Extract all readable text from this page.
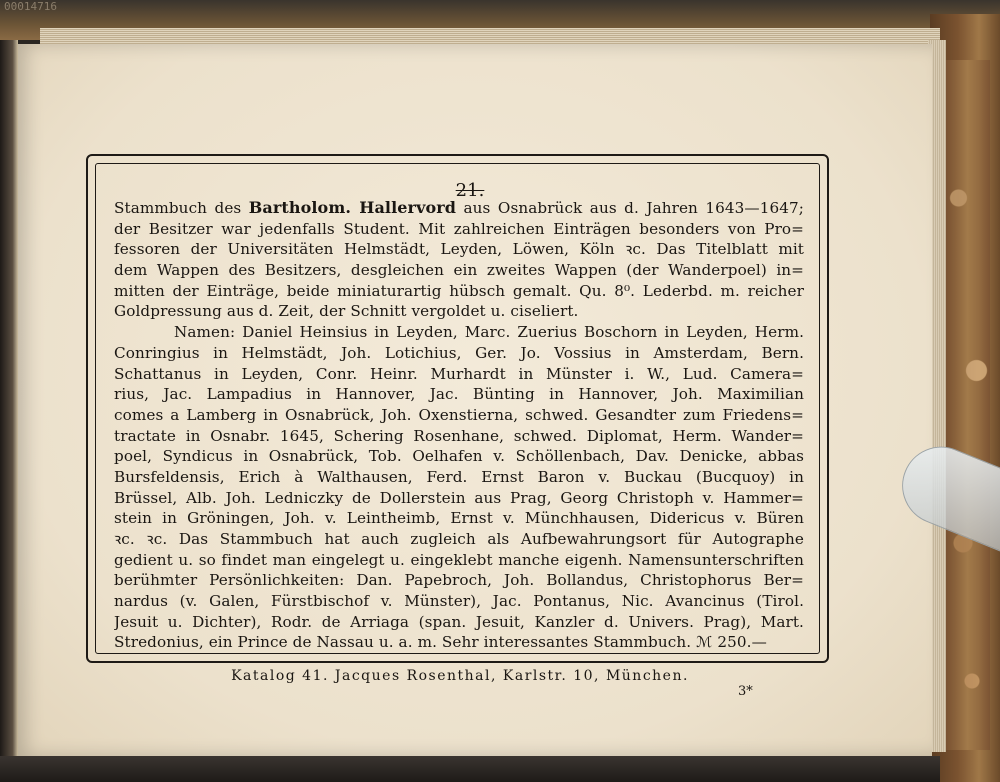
00014716
21.
Stammbuch des Bartholom. Hallervord aus Osnabrück aus d. Jahren 1643—1647;
der Besitzer war jedenfalls Student. Mit zahlreichen Einträgen besonders von Pro=
fessoren der Universitäten Helmstädt, Leyden, Löwen, Köln ꝛc. Das Titelblatt mit
dem Wappen des Besitzers, desgleichen ein zweites Wappen (der Wanderpoel) in=
mitten der Einträge, beide miniaturartig hübsch gemalt. Qu. 8⁰. Lederbd. m. reicher
Goldpressung aus d. Zeit, der Schnitt vergoldet u. ciseliert.
Namen: Daniel Heinsius in Leyden, Marc. Zuerius Boschorn in Leyden, Herm.
Conringius in Helmstädt, Joh. Lotichius, Ger. Jo. Vossius in Amsterdam, Bern.
Schattanus in Leyden, Conr. Heinr. Murhardt in Münster i. W., Lud. Camera=
rius, Jac. Lampadius in Hannover, Jac. Bünting in Hannover, Joh. Maximilian
comes a Lamberg in Osnabrück, Joh. Oxenstierna, schwed. Gesandter zum Friedens=
tractate in Osnabr. 1645, Schering Rosenhane, schwed. Diplomat, Herm. Wander=
poel, Syndicus in Osnabrück, Tob. Oelhafen v. Schöllenbach, Dav. Denicke, abbas
Bursfeldensis, Erich à Walthausen, Ferd. Ernst Baron v. Buckau (Bucquoy) in
Brüssel, Alb. Joh. Ledniczky de Dollerstein aus Prag, Georg Christoph v. Hammer=
stein in Gröningen, Joh. v. Leintheimb, Ernst v. Münchhausen, Didericus v. Büren
ꝛc. ꝛc. Das Stammbuch hat auch zugleich als Aufbewahrungsort für Autographe
gedient u. so findet man eingelegt u. eingeklebt manche eigenh. Namensunterschriften
berühmter Persönlichkeiten: Dan. Papebroch, Joh. Bollandus, Christophorus Ber=
nardus (v. Galen, Fürstbischof v. Münster), Jac. Pontanus, Nic. Avancinus (Tirol.
Jesuit u. Dichter), Rodr. de Arriaga (span. Jesuit, Kanzler d. Univers. Prag), Mart.
Stredonius, ein Prince de Nassau u. a. m. Sehr interessantes Stammbuch. ℳ 250.—
Katalog 41. Jacques Rosenthal, Karlstr. 10, München.
3*
